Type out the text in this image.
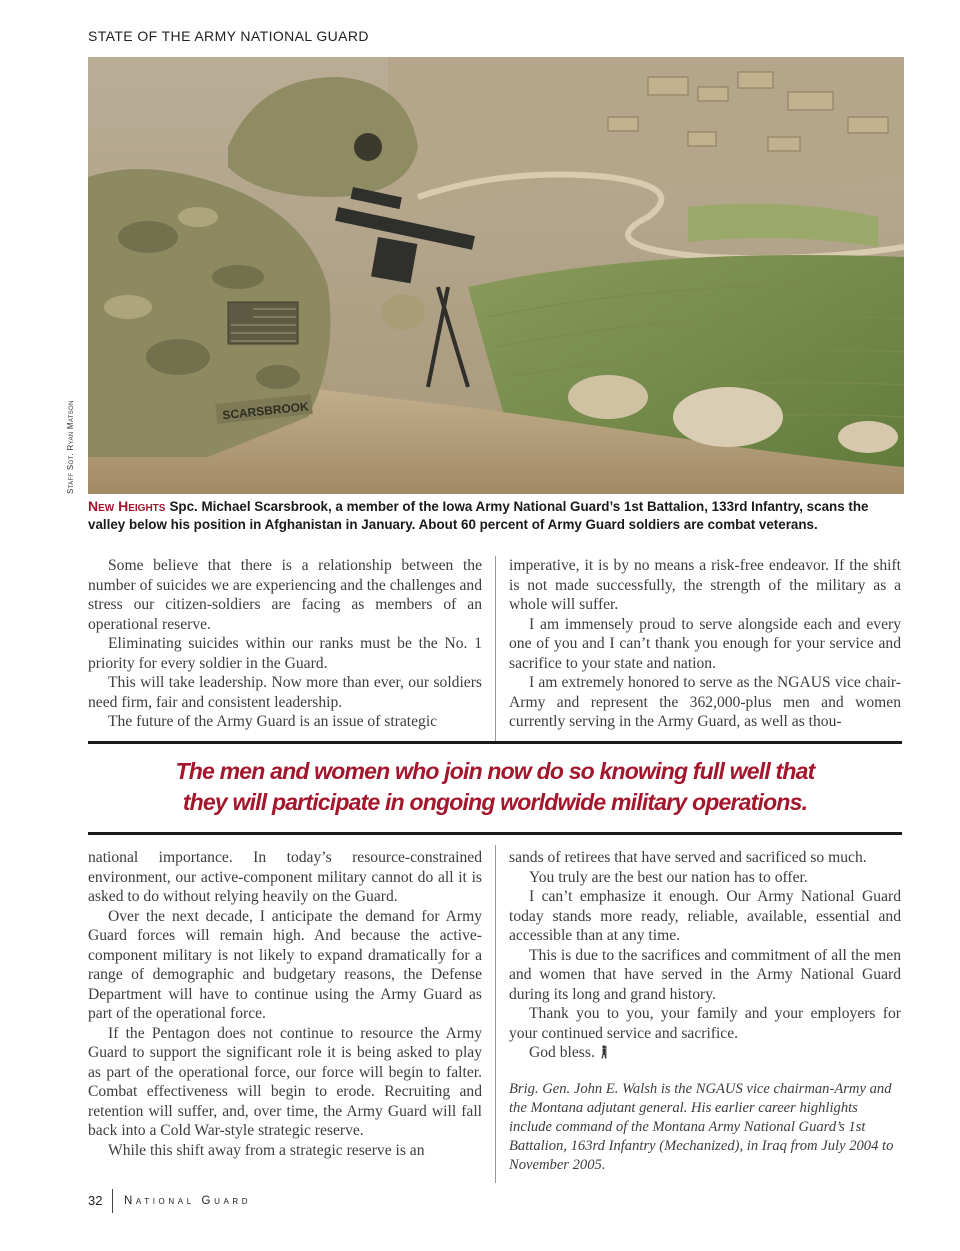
STATE OF THE ARMY NATIONAL GUARD
SCARSBROOK
Staff Sgt. Ryan Matson
New Heights Spc. Michael Scarsbrook, a member of the Iowa Army National Guard’s 1st Battalion, 133rd Infantry, scans the valley below his position in Afghanistan in January. About 60 percent of Army Guard soldiers are combat veterans.

Some believe that there is a relationship between the number of suicides we are experiencing and the challenges and stress our citizen-soldiers are facing as members of an operational reserve.

Eliminating suicides within our ranks must be the No. 1 priority for every soldier in the Guard.

This will take leadership. Now more than ever, our soldiers need firm, fair and consistent leadership.

The future of the Army Guard is an issue of strategic

imperative, it is by no means a risk-free endeavor. If the shift is not made successfully, the strength of the military as a whole will suffer.

I am immensely proud to serve alongside each and every one of you and I can’t thank you enough for your service and sacrifice to your state and nation.

I am extremely honored to serve as the NGAUS vice chair-Army and represent the 362,000-plus men and women currently serving in the Army Guard, as well as thou-

The men and women who join now do so knowing full well that
they will participate in ongoing worldwide military operations.

national importance. In today’s resource-constrained environment, our active-component military cannot do all it is asked to do without relying heavily on the Guard.

Over the next decade, I anticipate the demand for Army Guard forces will remain high. And because the active-component military is not likely to expand dramatically for a range of demographic and budgetary reasons, the Defense Department will have to continue using the Army Guard as part of the operational force.

If the Pentagon does not continue to resource the Army Guard to support the significant role it is being asked to play as part of the operational force, our force will begin to falter. Combat effectiveness will begin to erode. Recruiting and retention will suffer, and, over time, the Army Guard will fall back into a Cold War-style strategic reserve.

While this shift away from a strategic reserve is an

sands of retirees that have served and sacrificed so much.

You truly are the best our nation has to offer.

I can’t emphasize it enough. Our Army National Guard today stands more ready, reliable, available, essential and accessible than at any time.

This is due to the sacrifices and commitment of all the men and women that have served in the Army National Guard during its long and grand history.

Thank you to you, your family and your employers for your continued service and sacrifice.

God bless.

Brig. Gen. John E. Walsh is the NGAUS vice chairman-Army and the Montana adjutant general. His earlier career highlights include command of the Montana Army National Guard’s 1st Battalion, 163rd Infantry (Mechanized), in Iraq from July 2004 to November 2005.
32 National Guard
